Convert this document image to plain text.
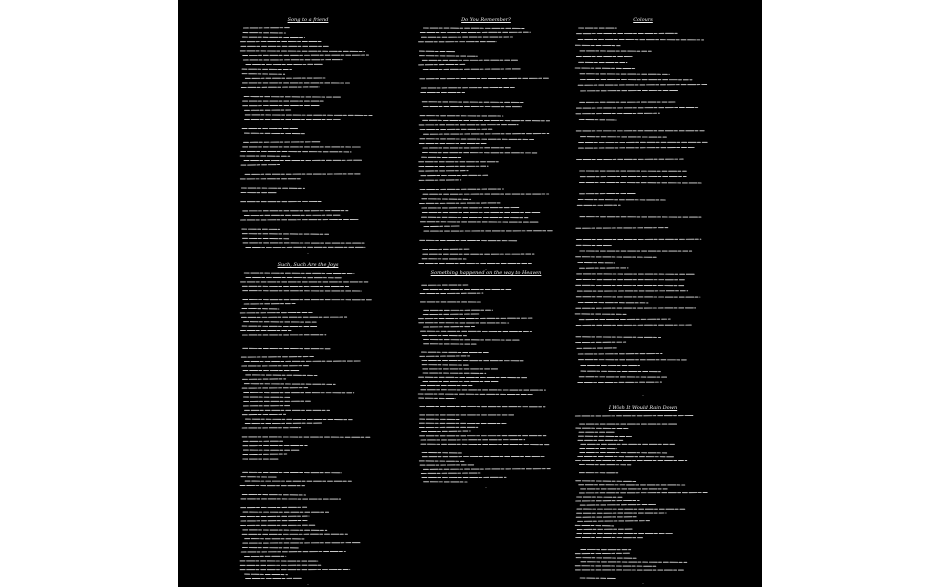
Song to a friend
~
Such, Such Are the Joys
~
Do You Remember?
~
Something happened on the way to Heaven
~
Colours
~
I Wish It Would Rain Down
~
